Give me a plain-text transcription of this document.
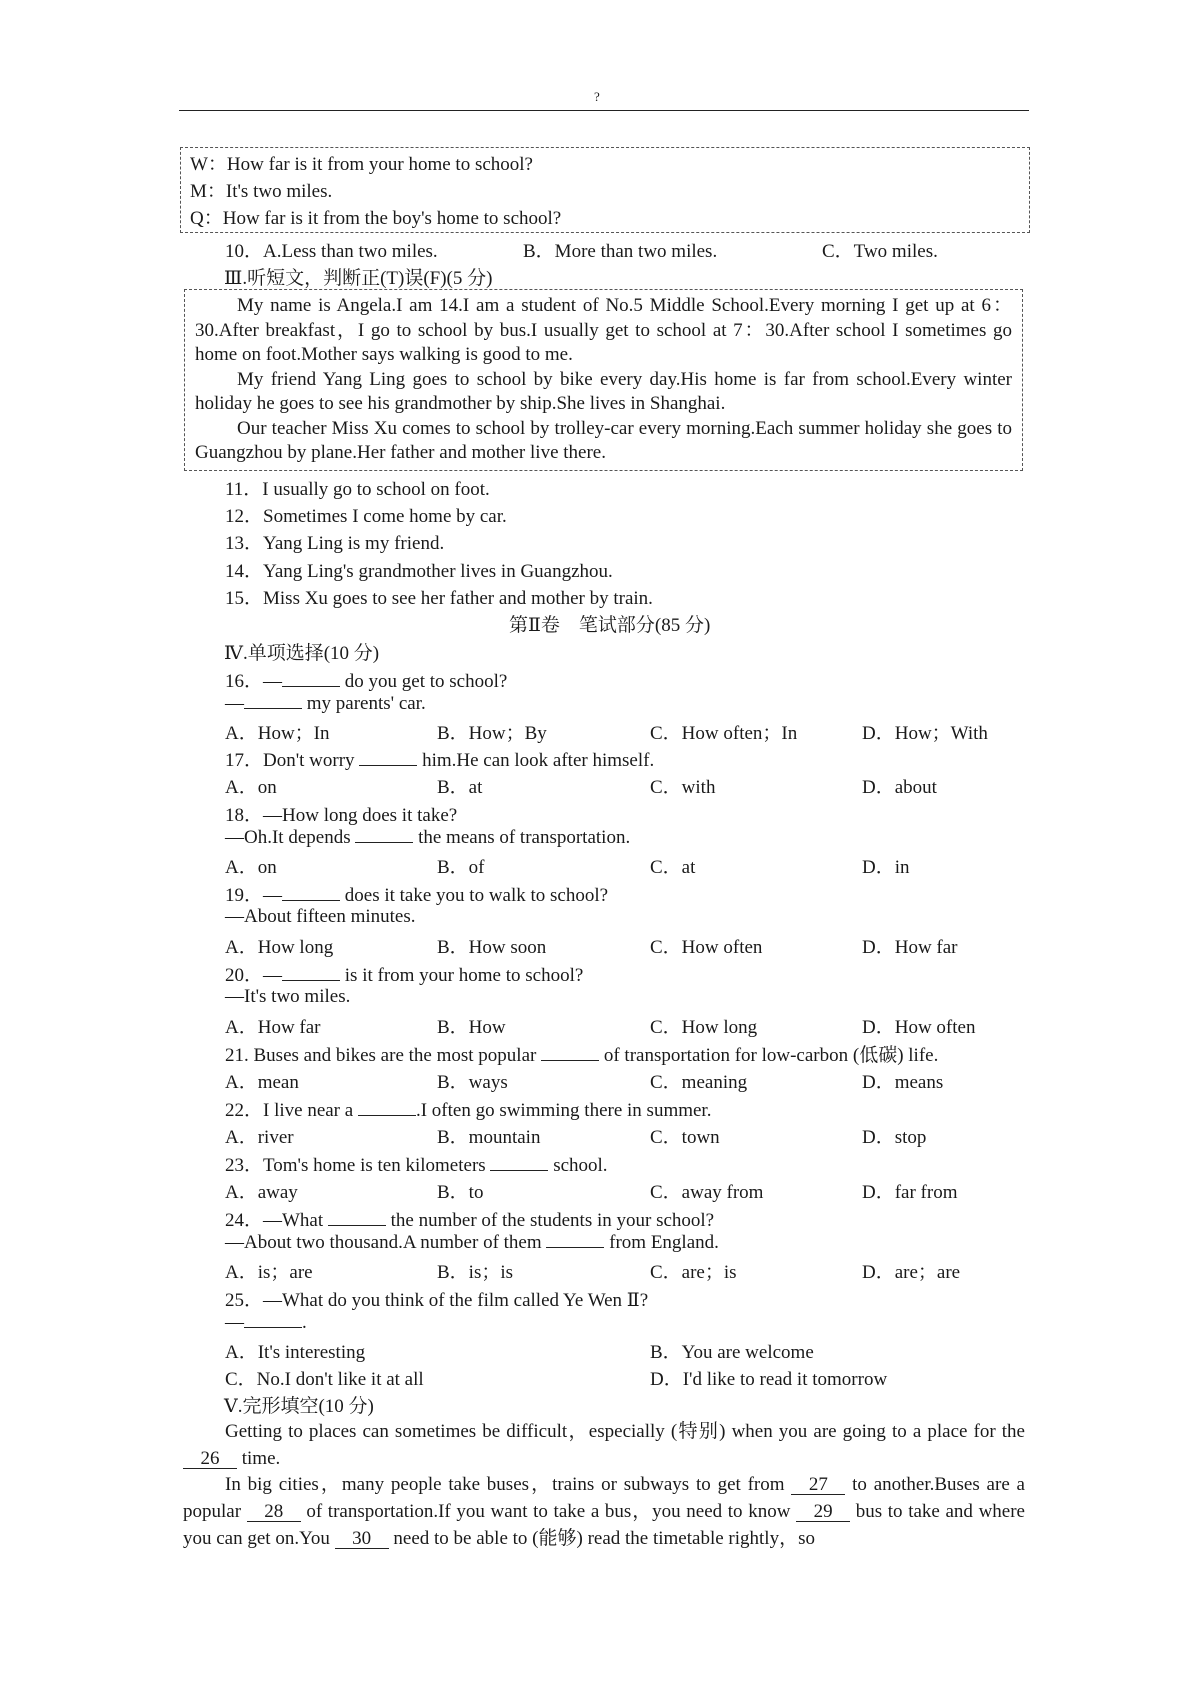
?
W：How far is it from your home to school?
M：It's two miles.
Q：How far is it from the boy's home to school?
10．A.Less than two miles.	B．More than two miles.	C．Two miles.
Ⅲ.听短文，判断正(T)误(F)(5 分)

My name is Angela.I am 14.I am a student of No.5 Middle School.Every morning I get up at 6：30.After breakfast，I go to school by bus.I usually get to school at 7：30.After school I sometimes go home on foot.Mother says walking is good to me.

My friend Yang Ling goes to school by bike every day.His home is far from school.Every winter holiday he goes to see his grandmother by ship.She lives in Shanghai.

Our teacher Miss Xu comes to school by trolley-car every morning.Each summer holiday she goes to Guangzhou by plane.Her father and mother live there.

11．I usually go to school on foot.
12．Sometimes I come home by car.
13．Yang Ling is my friend.
14．Yang Ling's grandmother lives in Guangzhou.
15．Miss Xu goes to see her father and mother by train.
第Ⅱ卷　笔试部分(85 分)
Ⅳ.单项选择(10 分)
16．—	do you get to school?
—	my parents' car.
A．How；In	B．How；By	C．How often；In	D．How；With
17．Don't worry	him.He can look after himself.
A．on	B．at	C．with	D．about
18．—How long does it take?
—Oh.It depends	the means of transportation.
A．on	B．of	C．at	D．in
19．—	does it take you to walk to school?
—About fifteen minutes.
A．How long	B．How soon	C．How often	D．How far
20．—	is it from your home to school?
—It's two miles.
A．How far	B．How	C．How long	D．How often
21. Buses and bikes are the most popular	of transportation for low-carbon (低碳) life.
A．mean	B．ways	C．meaning	D．means
22．I live near a	.I often go swimming there in summer.
A．river	B．mountain	C．town	D．stop
23．Tom's home is ten kilometers	school.
A．away	B．to	C．away from	D．far from
24．—What	the number of the students in your school?
—About two thousand.A number of them	from England.
A．is；are	B．is；is	C．are；is	D．are；are
25．—What do you think of the film called Ye Wen Ⅱ?
—	.
A．It's interesting	B．You are welcome
C．No.I don't like it at all	D．I'd like to read it tomorrow
Ⅴ.完形填空(10 分)
Getting to places can sometimes be difficult，especially (特别) when you are going to a place for the 26 time.
In big cities，many people take buses，trains or subways to get from 27 to another.Buses are a popular 28 of transportation.If you want to take a bus，you need to know 29 bus to take and where you can get on.You 30 need to be able to (能够) read the timetable rightly，so
